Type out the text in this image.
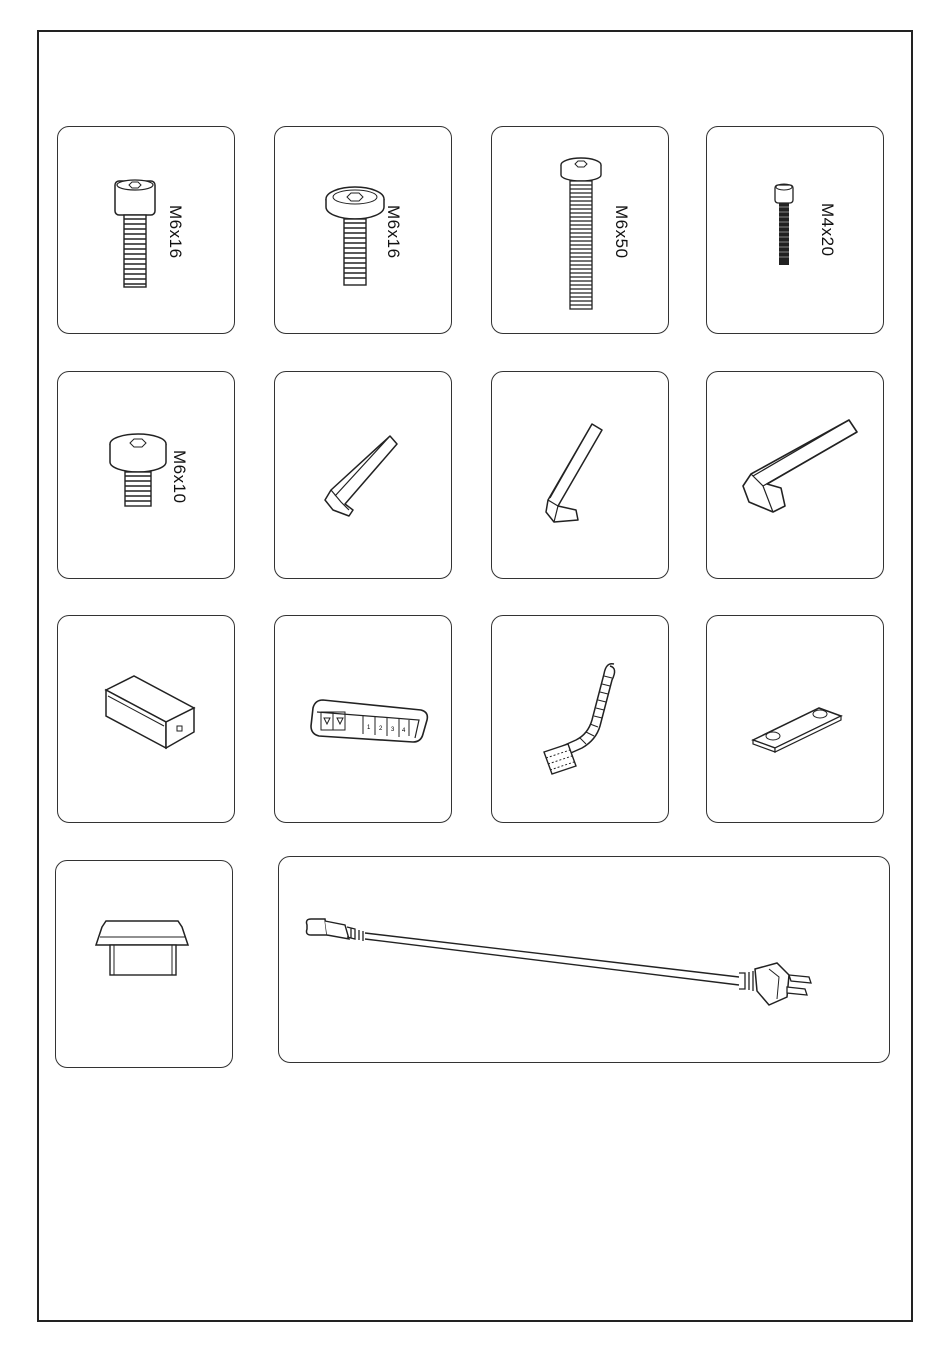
M6x16	M6x16	M6x50	M4x20
M6x10
1 2 3 4
